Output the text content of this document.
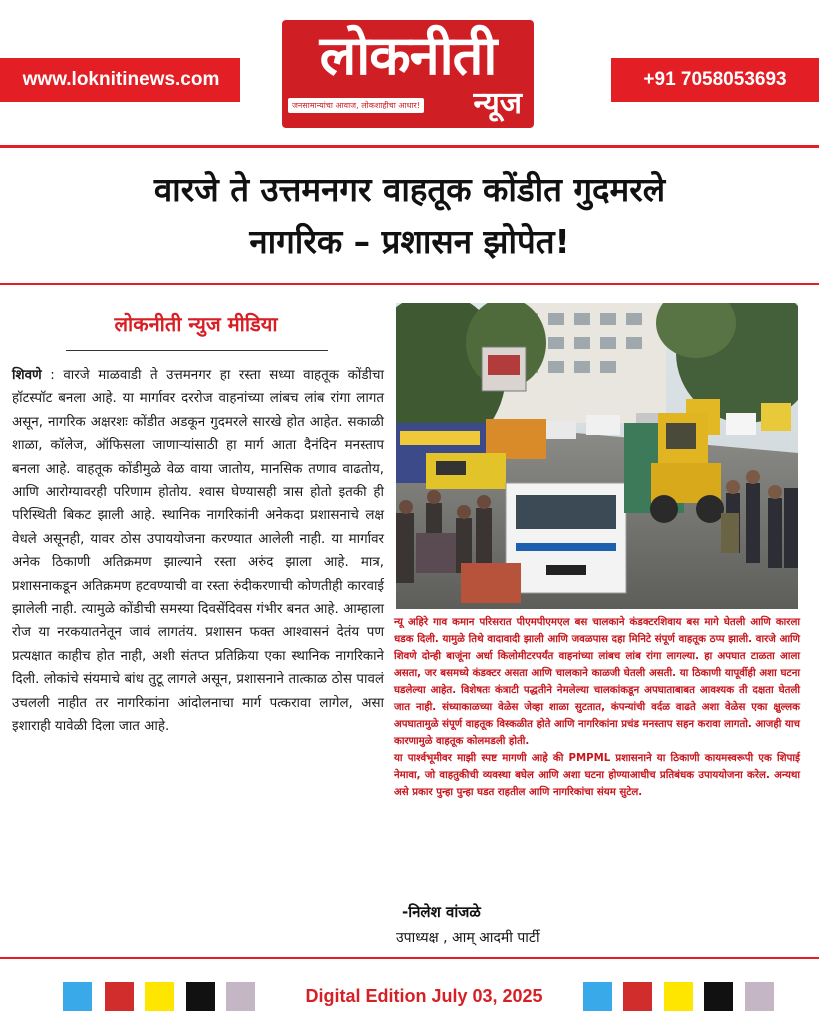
www.loknitinews.com	लोकनीती
जनसामान्यांचा आवाज, लोकशाहीचा आधार! न्यूज
+91 7058053693
वारजे ते उत्तमनगर वाहतूक कोंडीत गुदमरले
नागरिक – प्रशासन झोपेत!
लोकनीती न्युज मीडिया
शिवणे : वारजे माळवाडी ते उत्तमनगर हा रस्ता सध्या वाहतूक कोंडीचा हॉटस्पॉट बनला आहे. या मार्गावर दररोज वाहनांच्या लांबच लांब रांगा लागत असून, नागरिक अक्षरशः कोंडीत अडकून गुदमरले सारखे होत आहेत. सकाळी शाळा, कॉलेज, ऑफिसला जाणाऱ्यांसाठी हा मार्ग आता दैनंदिन मनस्ताप बनला आहे. वाहतूक कोंडीमुळे वेळ वाया जातोय, मानसिक तणाव वाढतोय, आणि आरोग्यावरही परिणाम होतोय. श्वास घेण्यासही त्रास होतो इतकी ही परिस्थिती बिकट झाली आहे. स्थानिक नागरिकांनी अनेकदा प्रशासनाचे लक्ष वेधले असूनही, यावर ठोस उपाययोजना करण्यात आलेली नाही. या मार्गावर अनेक ठिकाणी अतिक्रमण झाल्याने रस्ता अरुंद झाला आहे. मात्र, प्रशासनाकडून अतिक्रमण हटवण्याची वा रस्ता रुंदीकरणाची कोणतीही कारवाई झालेली नाही. त्यामुळे कोंडीची समस्या दिवसेंदिवस गंभीर बनत आहे. आम्हाला रोज या नरकयातनेतून जावं लागतंय. प्रशासन फक्त आश्वासनं देतंय पण प्रत्यक्षात काहीच होत नाही, अशी संतप्त प्रतिक्रिया एका स्थानिक नागरिकाने दिली. लोकांचे संयमाचे बांध तुटू लागले असून, प्रशासनाने तात्काळ ठोस पावलं उचलली नाहीत तर नागरिकांना आंदोलनाचा मार्ग पत्करावा लागेल, असा इशाराही यावेळी दिला जात आहे.

न्यू अहिरे गाव कमान परिसरात पीएमपीएमएल बस चालकाने कंडक्टरशिवाय बस मागे घेतली आणि कारला धडक दिली. यामुळे तिथे वादावादी झाली आणि जवळपास दहा मिनिटे संपूर्ण वाहतूक ठप्प झाली. वारजे आणि शिवणे दोन्ही बाजूंना अर्धा किलोमीटरपर्यंत वाहनांच्या लांबच लांब रांगा लागल्या. हा अपघात टाळता आला असता, जर बसमध्ये कंडक्टर असता आणि चालकाने काळजी घेतली असती. या ठिकाणी यापूर्वीही अशा घटना घडलेल्या आहेत. विशेषतः कंत्राटी पद्धतीने नेमलेल्या चालकांकडून अपघाताबाबत आवश्यक ती दक्षता घेतली जात नाही. संध्याकाळच्या वेळेस जेव्हा शाळा सुटतात, कंपन्यांची वर्दळ वाढते अशा वेळेस एका क्षुल्लक अपघातामुळे संपूर्ण वाहतूक विस्कळीत होते आणि नागरिकांना प्रचंड मनस्ताप सहन करावा लागतो. आजही याच कारणामुळे वाहतूक कोलमडली होती.

या पार्श्वभूमीवर माझी स्पष्ट मागणी आहे की PMPML प्रशासनाने या ठिकाणी कायमस्वरूपी एक शिपाई नेमावा, जो वाहतुकीची व्यवस्था बघेल आणि अशा घटना होण्याआधीच प्रतिबंधक उपाययोजना करेल. अन्यथा असे प्रकार पुन्हा पुन्हा घडत राहतील आणि नागरिकांचा संयम सुटेल.

-निलेश वांजळे
उपाध्यक्ष , आम् आदमी पार्टी
Digital Edition July 03, 2025
